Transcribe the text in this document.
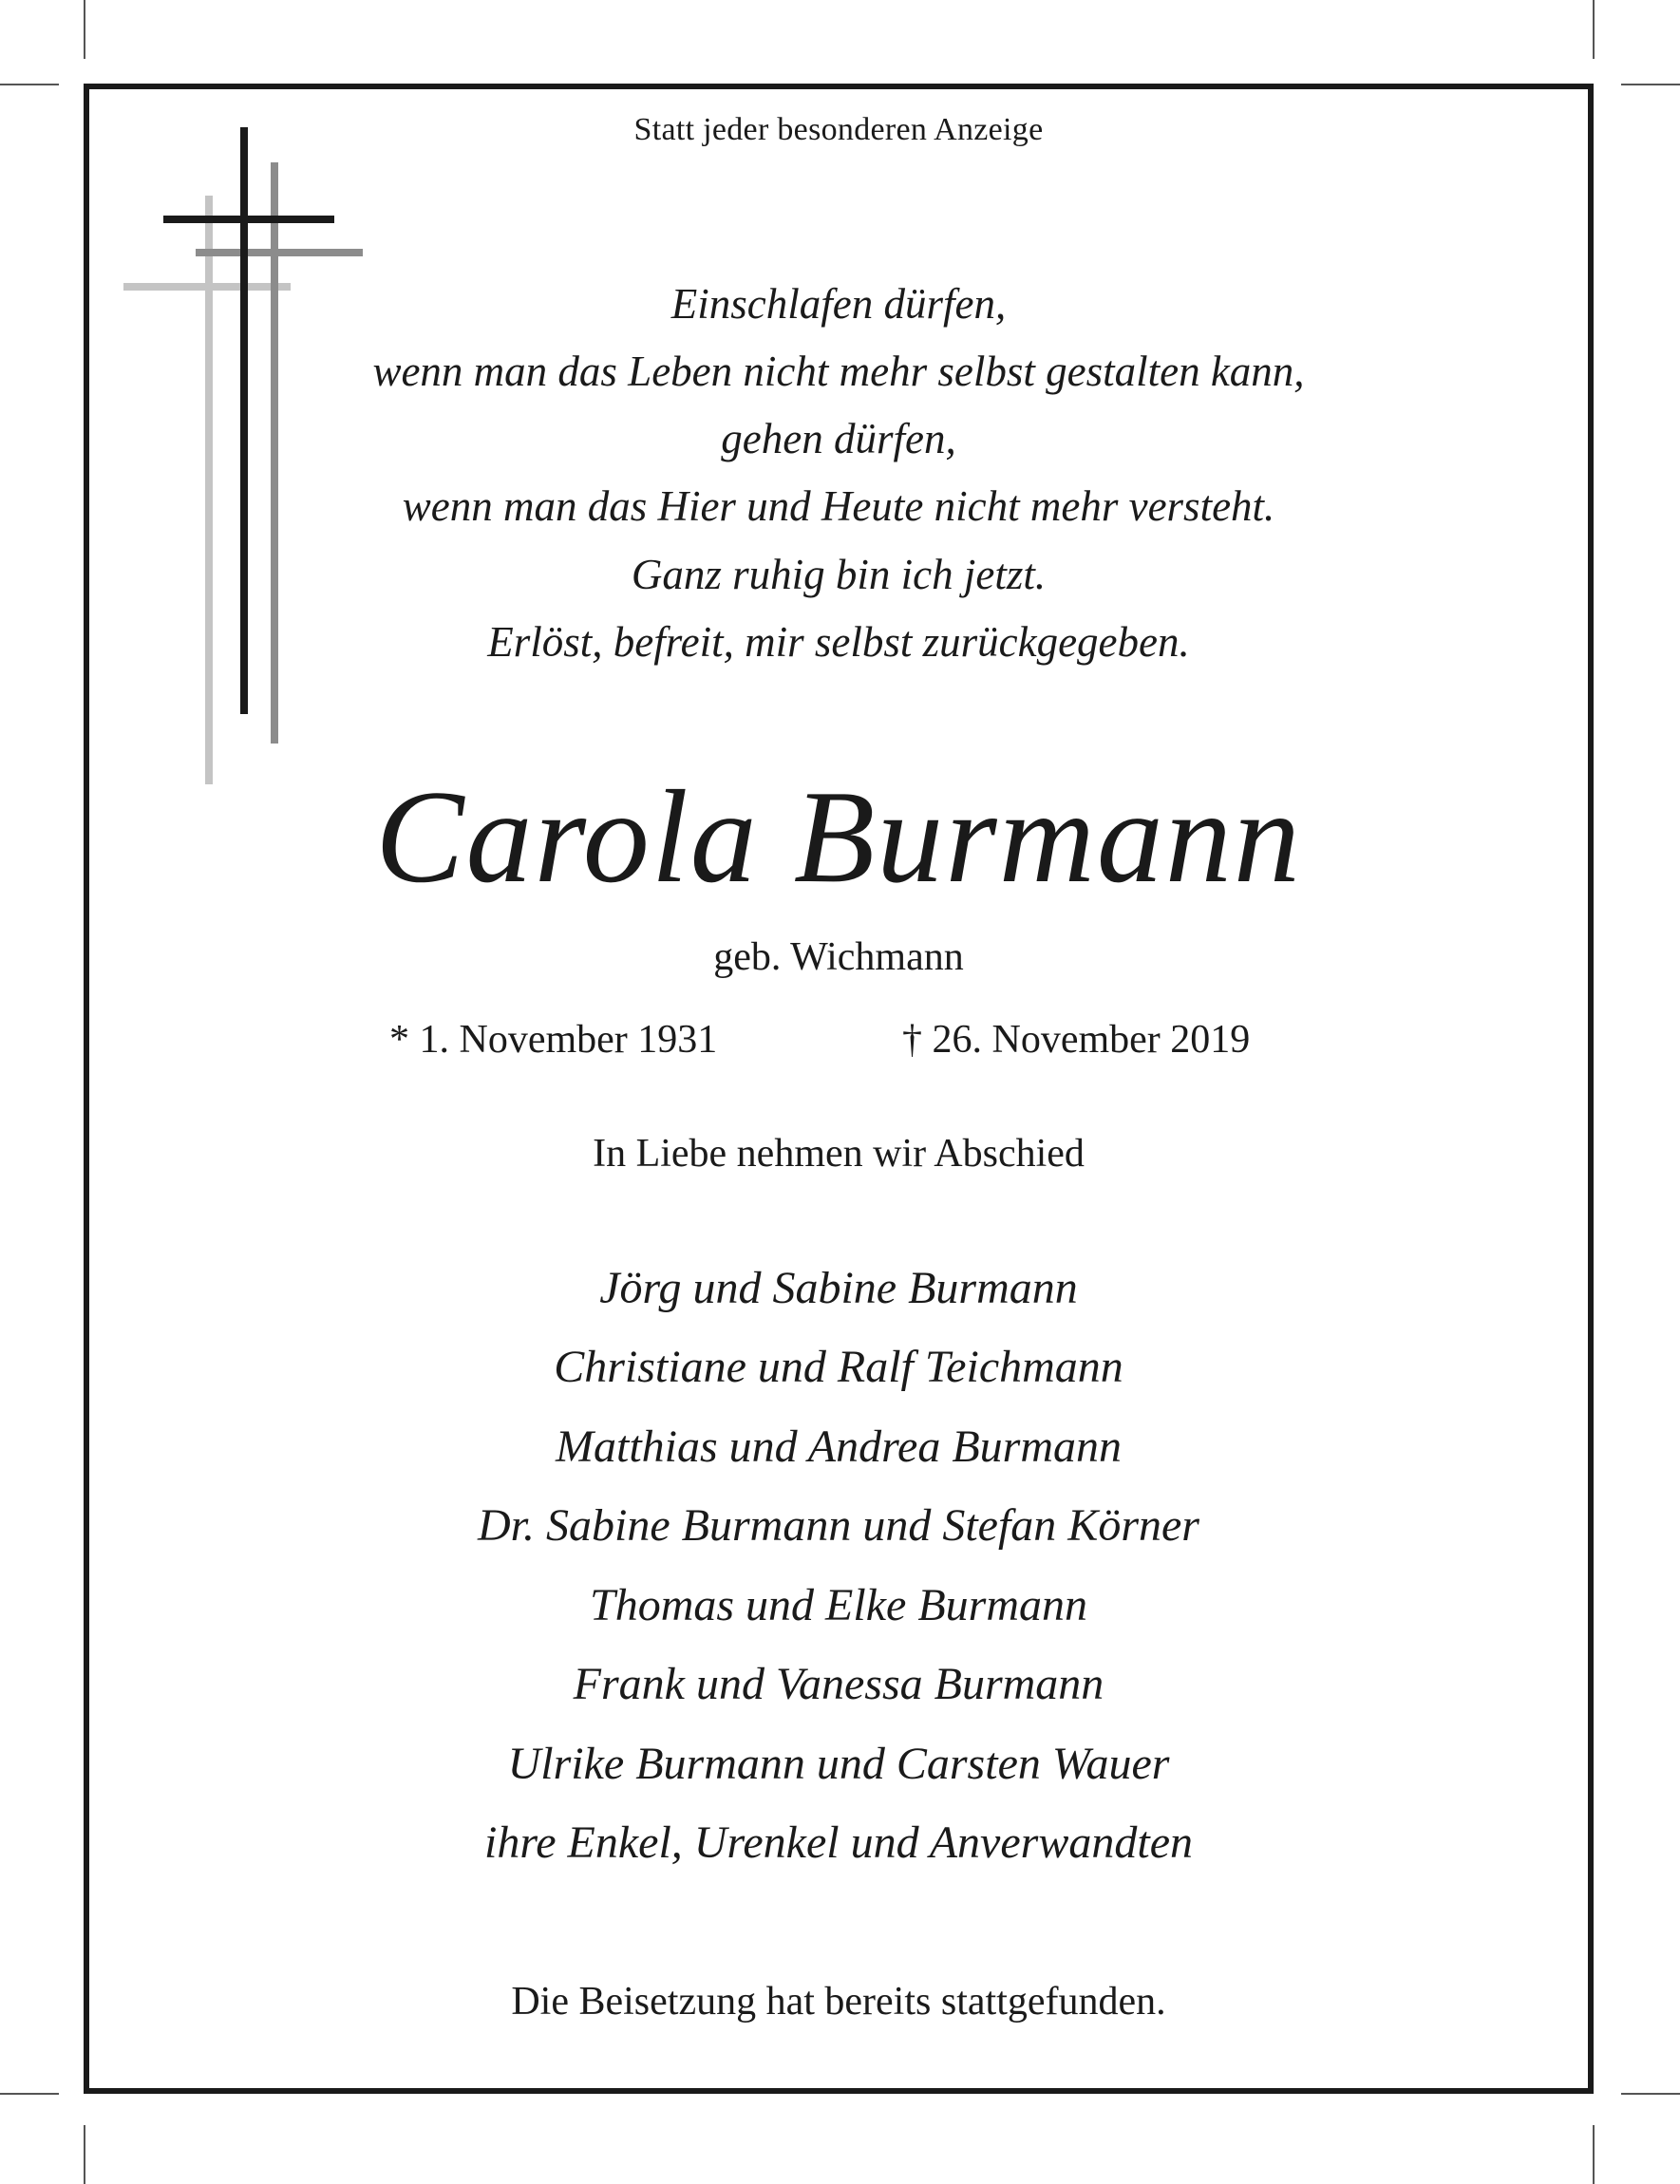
Statt jeder besonderen Anzeige
Einschlafen dürfen,
wenn man das Leben nicht mehr selbst gestalten kann,
gehen dürfen,
wenn man das Hier und Heute nicht mehr versteht.
Ganz ruhig bin ich jetzt.
Erlöst, befreit, mir selbst zurückgegeben.
Carola Burmann
geb. Wichmann
* 1. November 1931	† 26. November 2019
In Liebe nehmen wir Abschied
Jörg und Sabine Burmann
Christiane und Ralf Teichmann
Matthias und Andrea Burmann
Dr. Sabine Burmann und Stefan Körner
Thomas und Elke Burmann
Frank und Vanessa Burmann
Ulrike Burmann und Carsten Wauer
ihre Enkel, Urenkel und Anverwandten
Die Beisetzung hat bereits stattgefunden.
